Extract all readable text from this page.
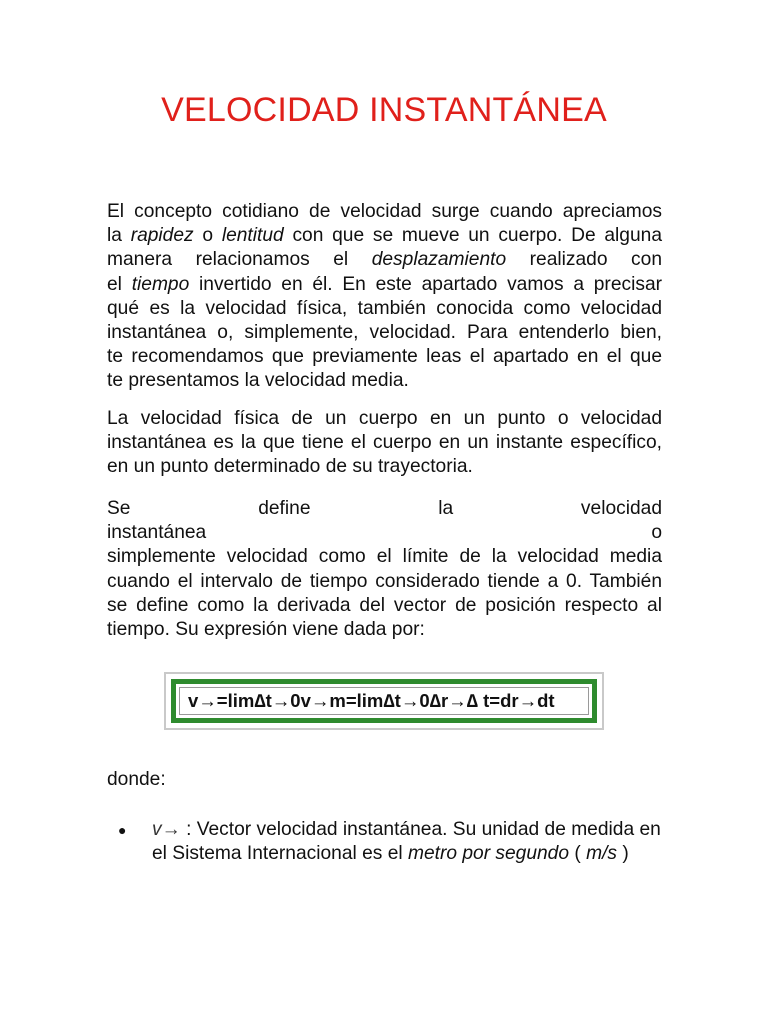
VELOCIDAD INSTANTÁNEA

El concepto cotidiano de velocidad surge cuando apreciamos
la rapidez o lentitud con que se mueve un cuerpo. De alguna
manera relacionamos el desplazamiento realizado con
el tiempo invertido en él. En este apartado vamos a precisar
qué es la velocidad física, también conocida como velocidad
instantánea o, simplemente, velocidad. Para entenderlo bien,
te recomendamos que previamente leas el apartado en el que
te presentamos la velocidad media.

La velocidad física de un cuerpo en un punto o velocidad
instantánea es la que tiene el cuerpo en un instante específico,
en un punto determinado de su trayectoria.

Se define la velocidad instantánea o
simplemente velocidad como el límite de la velocidad media
cuando el intervalo de tiempo considerado tiende a 0. También
se define como la derivada del vector de posición respecto al
tiempo. Su expresión viene dada por:

v→=lim∆t→0v→m=lim∆t→0∆r→∆ t=dr→dt

donde:

● v→ : Vector velocidad instantánea. Su unidad de medida en el Sistema Internacional es el metro por segundo ( m/s )
